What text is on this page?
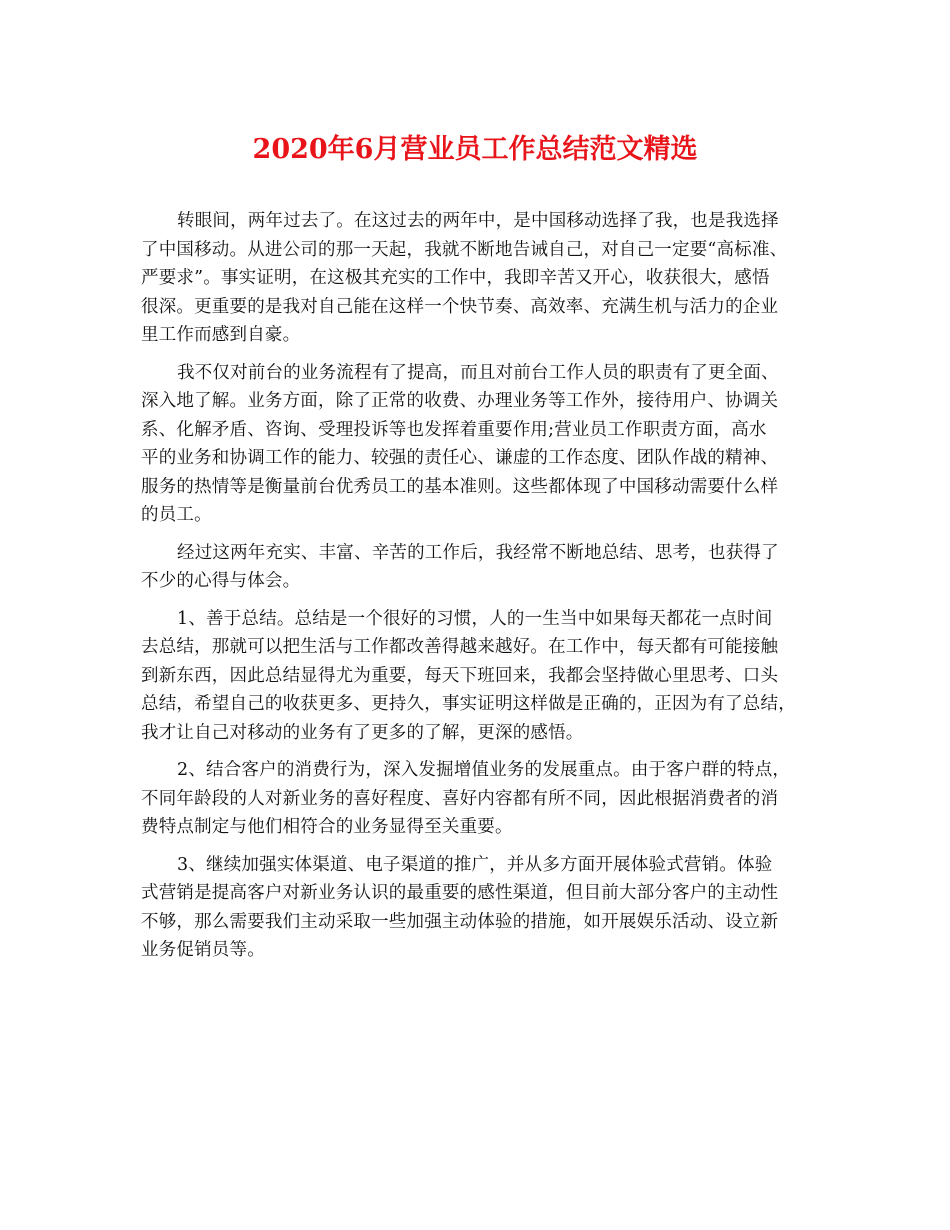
2020年6月营业员工作总结范文精选

转眼间，两年过去了。在这过去的两年中，是中国移动选择了我，也是我选择
了中国移动。从进公司的那一天起，我就不断地告诫自己，对自己一定要“高标准、
严要求”。事实证明，在这极其充实的工作中，我即辛苦又开心，收获很大，感悟
很深。更重要的是我对自己能在这样一个快节奏、高效率、充满生机与活力的企业
里工作而感到自豪。

我不仅对前台的业务流程有了提高，而且对前台工作人员的职责有了更全面、
深入地了解。业务方面，除了正常的收费、办理业务等工作外，接待用户、协调关
系、化解矛盾、咨询、受理投诉等也发挥着重要作用;营业员工作职责方面，高水
平的业务和协调工作的能力、较强的责任心、谦虚的工作态度、团队作战的精神、
服务的热情等是衡量前台优秀员工的基本准则。这些都体现了中国移动需要什么样
的员工。

经过这两年充实、丰富、辛苦的工作后，我经常不断地总结、思考，也获得了
不少的心得与体会。

1、善于总结。总结是一个很好的习惯，人的一生当中如果每天都花一点时间
去总结，那就可以把生活与工作都改善得越来越好。在工作中，每天都有可能接触
到新东西，因此总结显得尤为重要，每天下班回来，我都会坚持做心里思考、口头
总结，希望自己的收获更多、更持久，事实证明这样做是正确的，正因为有了总结，
我才让自己对移动的业务有了更多的了解，更深的感悟。

2、结合客户的消费行为，深入发掘增值业务的发展重点。由于客户群的特点，
不同年龄段的人对新业务的喜好程度、喜好内容都有所不同，因此根据消费者的消
费特点制定与他们相符合的业务显得至关重要。

3、继续加强实体渠道、电子渠道的推广，并从多方面开展体验式营销。体验
式营销是提高客户对新业务认识的最重要的感性渠道，但目前大部分客户的主动性
不够，那么需要我们主动采取一些加强主动体验的措施，如开展娱乐活动、设立新
业务促销员等。
